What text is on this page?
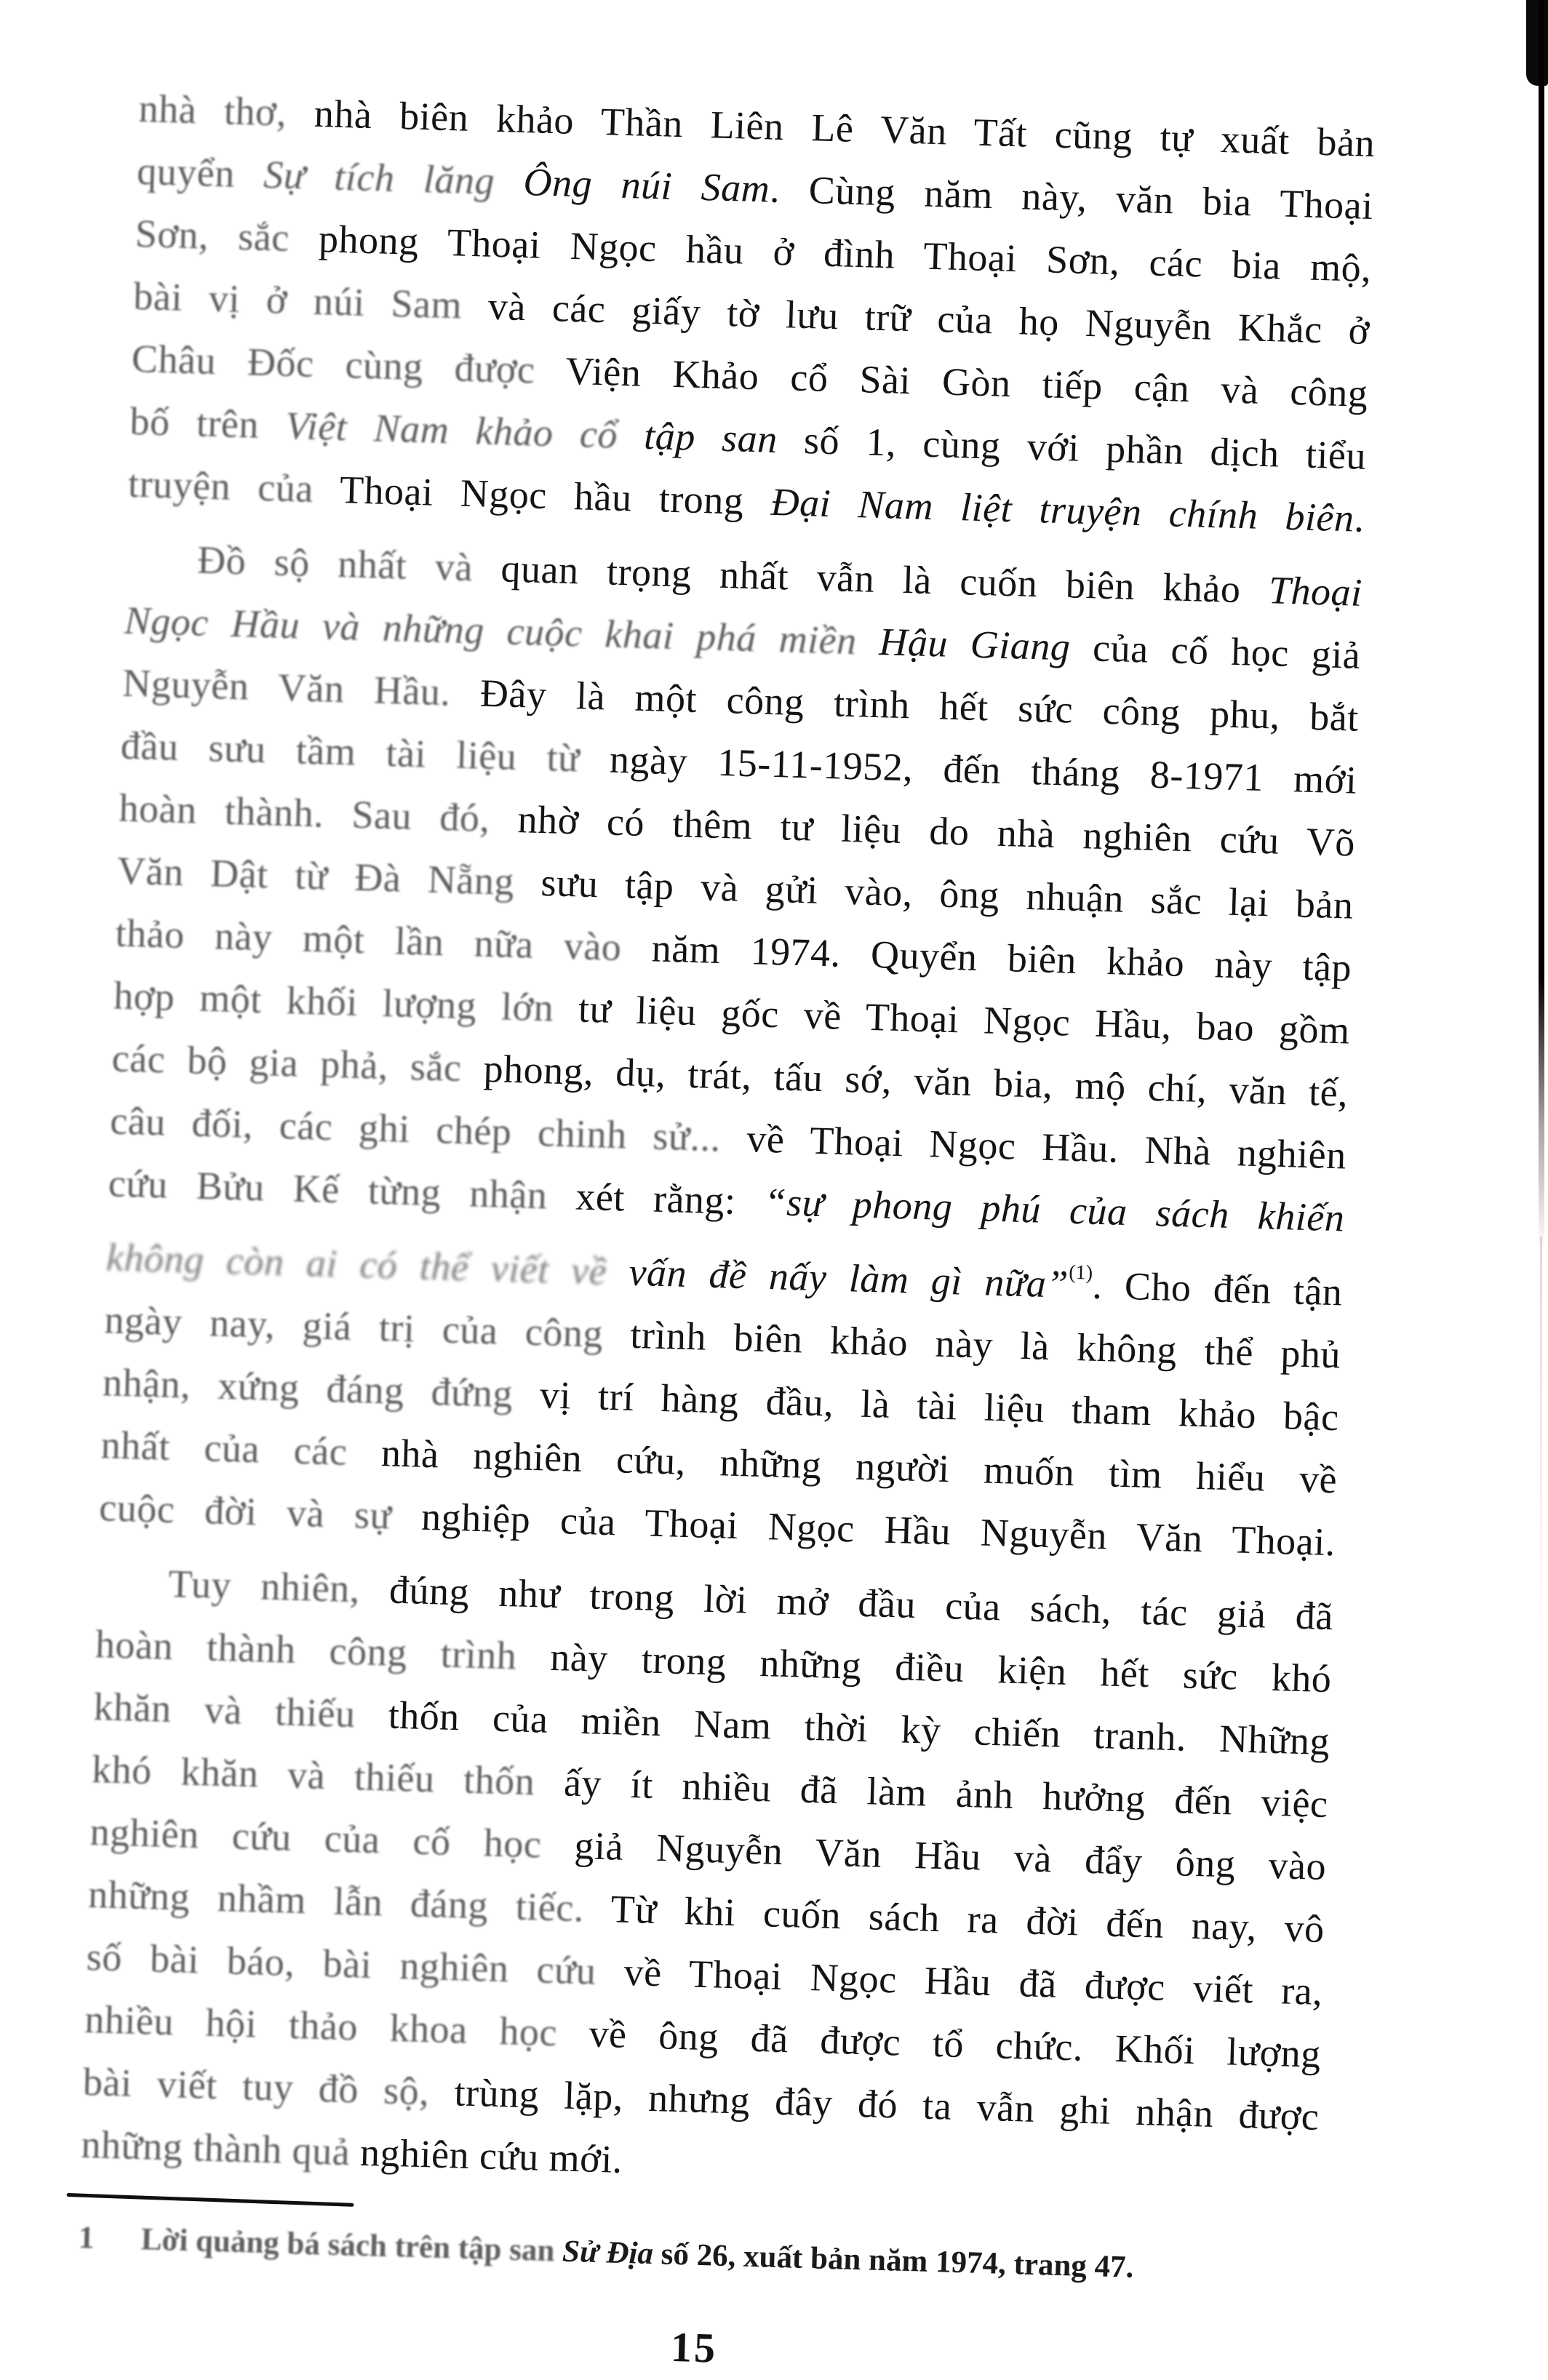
nhà thơ, nhà biên khảo Thần Liên Lê Văn Tất cũng tự xuất bản
quyển Sự tích lăng Ông núi Sam. Cùng năm này, văn bia Thoại
Sơn, sắc phong Thoại Ngọc hầu ở đình Thoại Sơn, các bia mộ,
bài vị ở núi Sam và các giấy tờ lưu trữ của họ Nguyễn Khắc ở
Châu Đốc cùng được Viện Khảo cổ Sài Gòn tiếp cận và công
bố trên Việt Nam khảo cổ tập san số 1, cùng với phần dịch tiểu
truyện của Thoại Ngọc hầu trong Đại Nam liệt truyện chính biên.
Đồ sộ nhất và quan trọng nhất vẫn là cuốn biên khảo Thoại
Ngọc Hầu và những cuộc khai phá miền Hậu Giang của cố học giả
Nguyễn Văn Hầu. Đây là một công trình hết sức công phu, bắt
đầu sưu tầm tài liệu từ ngày 15-11-1952, đến tháng 8-1971 mới
hoàn thành. Sau đó, nhờ có thêm tư liệu do nhà nghiên cứu Võ
Văn Dật từ Đà Nẵng sưu tập và gửi vào, ông nhuận sắc lại bản
thảo này một lần nữa vào năm 1974. Quyển biên khảo này tập
hợp một khối lượng lớn tư liệu gốc về Thoại Ngọc Hầu, bao gồm
các bộ gia phả, sắc phong, dụ, trát, tấu sớ, văn bia, mộ chí, văn tế,
câu đối, các ghi chép chinh sử... về Thoại Ngọc Hầu. Nhà nghiên
cứu Bửu Kế từng nhận xét rằng: “sự phong phú của sách khiến
không còn ai có thể viết về vấn đề nấy làm gì nữa”$^{(1)}$. Cho đến tận
ngày nay, giá trị của công trình biên khảo này là không thể phủ
nhận, xứng đáng đứng vị trí hàng đầu, là tài liệu tham khảo bậc
nhất của các nhà nghiên cứu, những người muốn tìm hiểu về
cuộc đời và sự nghiệp của Thoại Ngọc Hầu Nguyễn Văn Thoại.
Tuy nhiên, đúng như trong lời mở đầu của sách, tác giả đã
hoàn thành công trình này trong những điều kiện hết sức khó
khăn và thiếu thốn của miền Nam thời kỳ chiến tranh. Những
khó khăn và thiếu thốn ấy ít nhiều đã làm ảnh hưởng đến việc
nghiên cứu của cố học giả Nguyễn Văn Hầu và đẩy ông vào
những nhầm lẫn đáng tiếc. Từ khi cuốn sách ra đời đến nay, vô
số bài báo, bài nghiên cứu về Thoại Ngọc Hầu đã được viết ra,
nhiều hội thảo khoa học về ông đã được tổ chức. Khối lượng
bài viết tuy đồ sộ, trùng lặp, nhưng đây đó ta vẫn ghi nhận được
những thành quả nghiên cứu mới.
1 Lời quảng bá sách trên tập san Sử Địa số 26, xuất bản năm 1974, trang 47.
15
